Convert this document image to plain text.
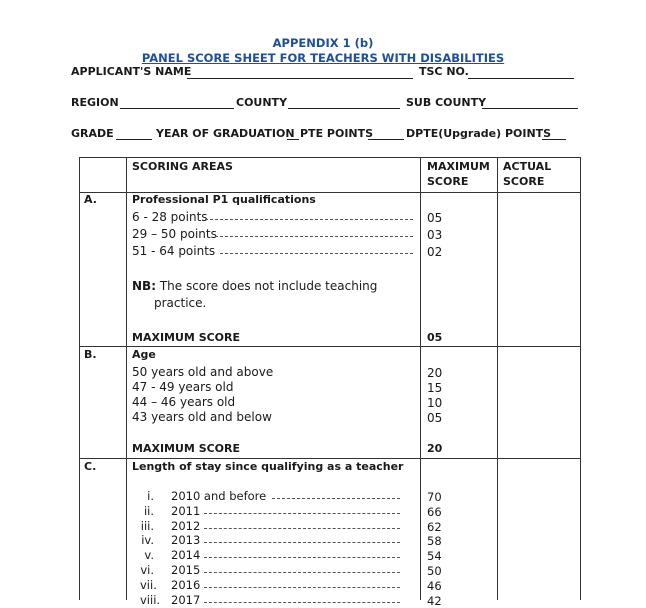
APPENDIX 1 (b)
PANEL SCORE SHEET FOR TEACHERS WITH DISABILITIES
APPLICANT'S NAME	TSC NO.
REGION	COUNTY	SUB COUNTY
GRADE	YEAR OF GRADUATION PTE POINTS	DPTE(Upgrade) POINTS
SCORING AREAS	MAXIMUM
SCORE
ACTUAL
SCORE
A.	Professional P1 qualifications
6 - 28 points	05
29 – 50 points	03
51 - 64 points	02
NB: The score does not include teaching
practice.
MAXIMUM SCORE	05
B.	Age
50 years old and above	20
47 - 49 years old	15
44 – 46 years old	10
43 years old and below	05
MAXIMUM SCORE	20
C.	Length of stay since qualifying as a teacher
i. 2010 and before	70
ii. 2011	66
iii. 2012	62
iv. 2013	58
v. 2014	54
vi. 2015	50
vii. 2016	46
viii. 2017	42
